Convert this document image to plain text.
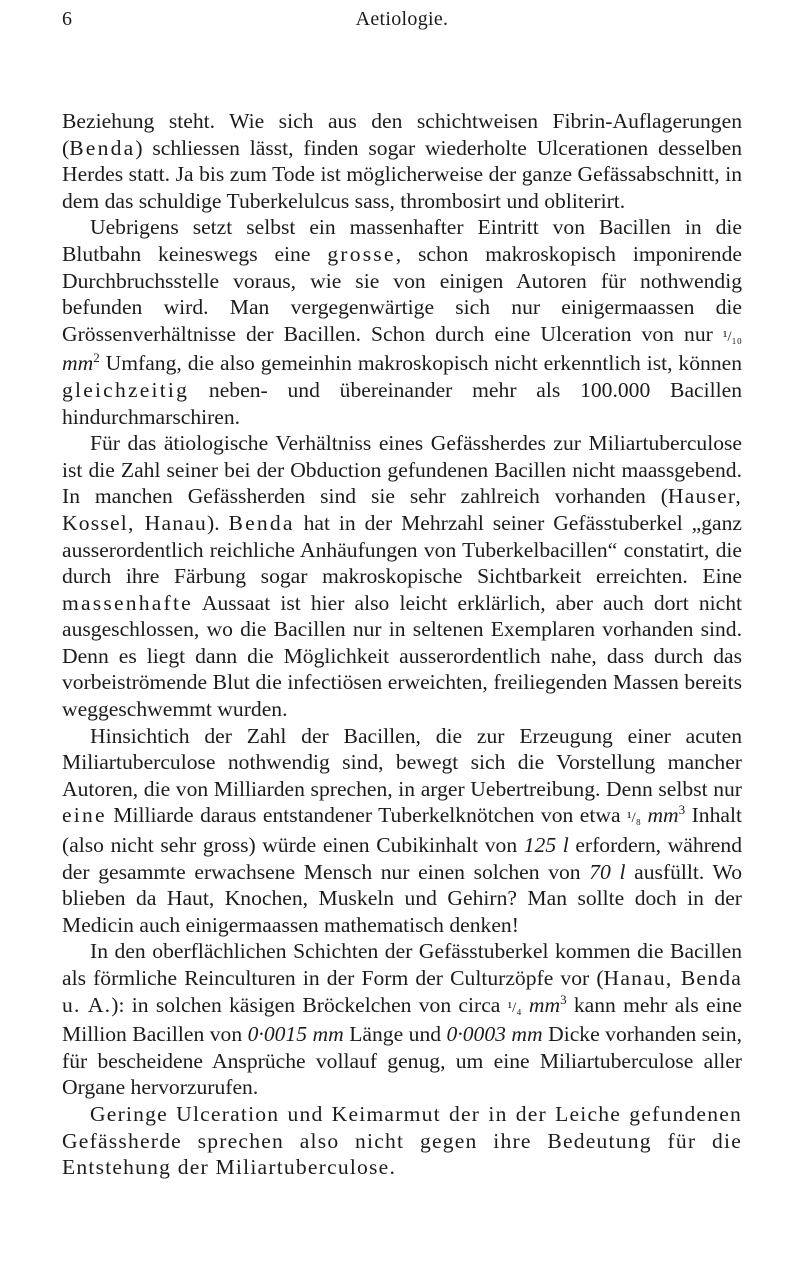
6	Aetiologie.

Beziehung steht. Wie sich aus den schichtweisen Fibrin-Auflagerungen (Benda) schliessen lässt, finden sogar wiederholte Ulcerationen desselben Herdes statt. Ja bis zum Tode ist möglicherweise der ganze Gefässabschnitt, in dem das schuldige Tuberkelulcus sass, thrombosirt und obliterirt.

Uebrigens setzt selbst ein massenhafter Eintritt von Bacillen in die Blutbahn keineswegs eine grosse, schon makroskopisch imponirende Durchbruchsstelle voraus, wie sie von einigen Autoren für nothwendig befunden wird. Man vergegenwärtige sich nur einigermaassen die Grössenverhältnisse der Bacillen. Schon durch eine Ulceration von nur ¹/₁₀ $mm^2$ Umfang, die also gemeinhin makroskopisch nicht erkenntlich ist, können gleichzeitig neben- und übereinander mehr als 100.000 Bacillen hindurchmarschiren.

Für das ätiologische Verhältniss eines Gefässherdes zur Miliartuberculose ist die Zahl seiner bei der Obduction gefundenen Bacillen nicht maassgebend. In manchen Gefässherden sind sie sehr zahlreich vorhanden (Hauser, Kossel, Hanau). Benda hat in der Mehrzahl seiner Gefässtuberkel „ganz ausserordentlich reichliche Anhäufungen von Tuberkelbacillen“ constatirt, die durch ihre Färbung sogar makroskopische Sichtbarkeit erreichten. Eine massenhafte Aussaat ist hier also leicht erklärlich, aber auch dort nicht ausgeschlossen, wo die Bacillen nur in seltenen Exemplaren vorhanden sind. Denn es liegt dann die Möglichkeit ausserordentlich nahe, dass durch das vorbeiströmende Blut die infectiösen erweichten, freiliegenden Massen bereits weggeschwemmt wurden.

Hinsichtich der Zahl der Bacillen, die zur Erzeugung einer acuten Miliartuberculose nothwendig sind, bewegt sich die Vorstellung mancher Autoren, die von Milliarden sprechen, in arger Uebertreibung. Denn selbst nur eine Milliarde daraus entstandener Tuberkelknötchen von etwa ¹/₈ $mm^3$ Inhalt (also nicht sehr gross) würde einen Cubikinhalt von 125 l erfordern, während der gesammte erwachsene Mensch nur einen solchen von 70 l ausfüllt. Wo blieben da Haut, Knochen, Muskeln und Gehirn? Man sollte doch in der Medicin auch einigermaassen mathematisch denken!

In den oberflächlichen Schichten der Gefässtuberkel kommen die Bacillen als förmliche Reinculturen in der Form der Culturzöpfe vor (Hanau, Benda u. A.): in solchen käsigen Bröckelchen von circa ¹/₄ $mm^3$ kann mehr als eine Million Bacillen von 0·0015 mm Länge und 0·0003 mm Dicke vorhanden sein, für bescheidene Ansprüche vollauf genug, um eine Miliartuberculose aller Organe hervorzurufen.

Geringe Ulceration und Keimarmut der in der Leiche gefundenen Gefässherde sprechen also nicht gegen ihre Bedeutung für die Entstehung der Miliartuberculose.
